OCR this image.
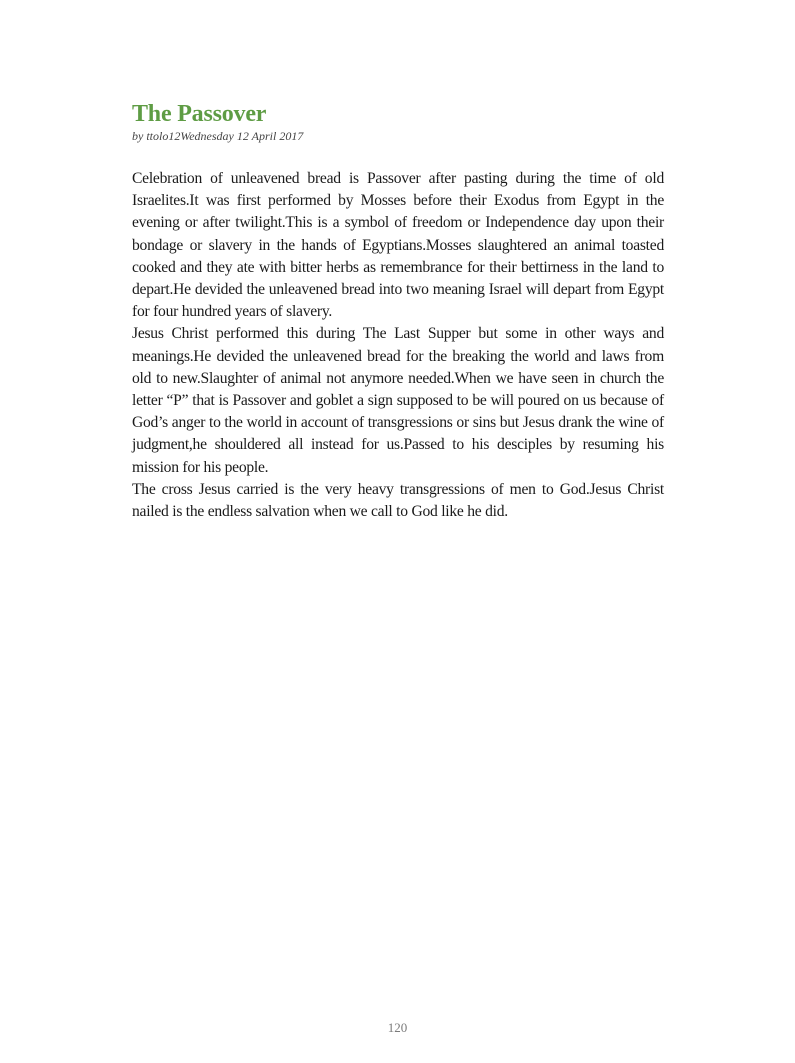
The Passover
by ttolo12Wednesday 12 April 2017

Celebration of unleavened bread is Passover after pasting during the time of old Israelites.It was first performed by Mosses before their Exodus from Egypt in the evening or after twilight.This is a symbol of freedom or Independence day upon their bondage or slavery in the hands of Egyptians.Mosses slaughtered an animal toasted cooked and they ate with bitter herbs as remembrance for their bettirness in the land to depart.He devided the unleavened bread into two meaning Israel will depart from Egypt for four hundred years of slavery.

Jesus Christ performed this during The Last Supper but some in other ways and meanings.He devided the unleavened bread for the breaking the world and laws from old to new.Slaughter of animal not anymore needed.When we have seen in church the letter “P” that is Passover and goblet a sign supposed to be will poured on us because of God’s anger to the world in account of transgressions or sins but Jesus drank the wine of judgment,he shouldered all instead for us.Passed to his desciples by resuming his mission for his people.

The cross Jesus carried is the very heavy transgressions of men to God.Jesus Christ nailed is the endless salvation when we call to God like he did.

120
